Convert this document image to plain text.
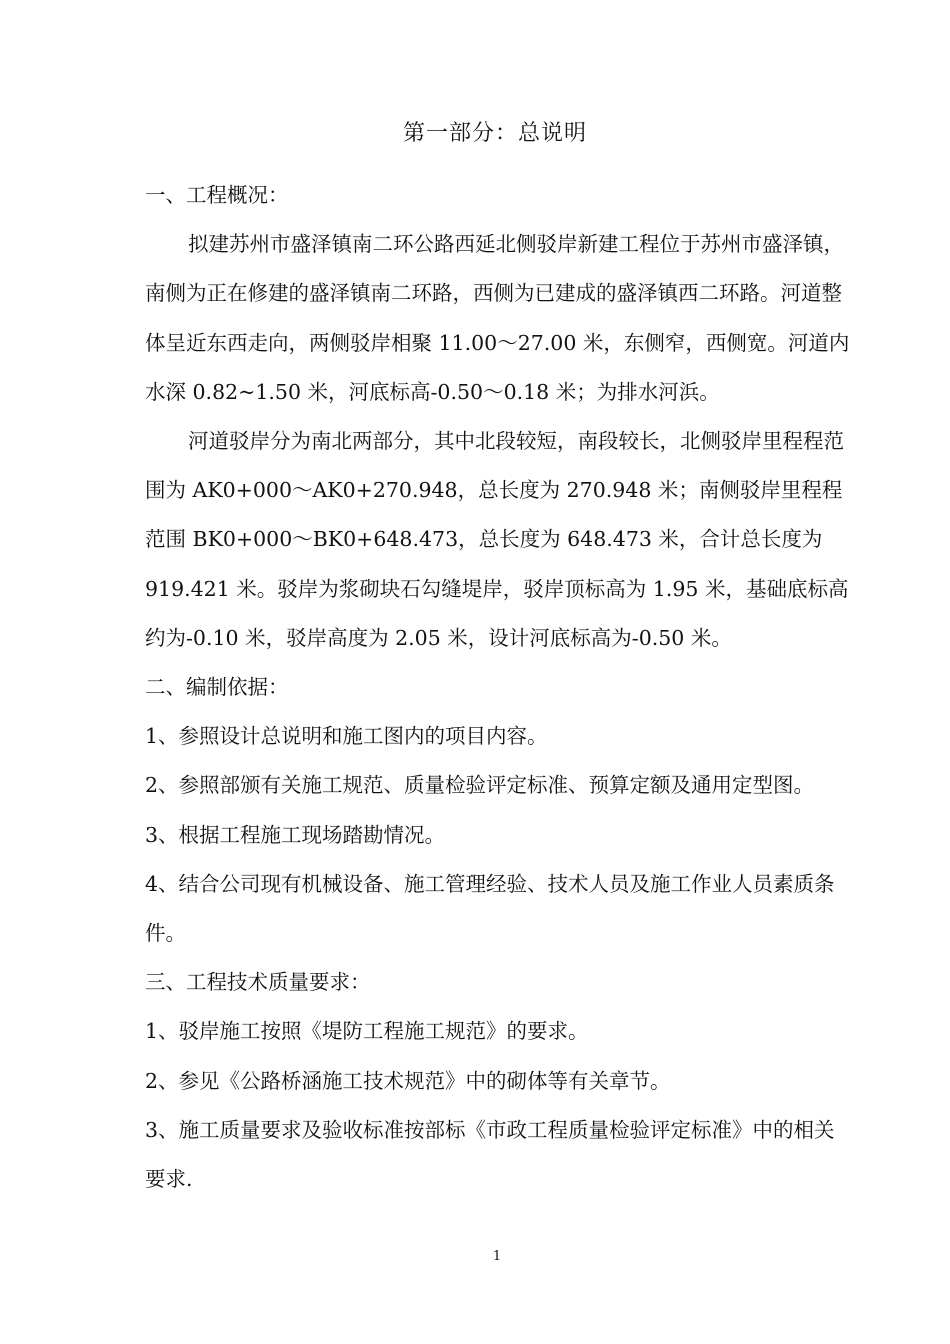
第一部分：总说明

一、工程概况：

拟建苏州市盛泽镇南二环公路西延北侧驳岸新建工程位于苏州市盛泽镇，南侧为正在修建的盛泽镇南二环路，西侧为已建成的盛泽镇西二环路。河道整体呈近东西走向，两侧驳岸相聚 11.00～27.00 米，东侧窄，西侧宽。河道内水深 0.82~1.50 米，河底标高-0.50～0.18 米；为排水河浜。

河道驳岸分为南北两部分，其中北段较短，南段较长，北侧驳岸里程程范围为 AK0+000～AK0+270.948，总长度为 270.948 米；南侧驳岸里程程范围 BK0+000～BK0+648.473，总长度为 648.473 米，合计总长度为 919.421 米。驳岸为浆砌块石勾缝堤岸，驳岸顶标高为 1.95 米，基础底标高约为-0.10 米，驳岸高度为 2.05 米，设计河底标高为-0.50 米。

二、编制依据：

1、参照设计总说明和施工图内的项目内容。

2、参照部颁有关施工规范、质量检验评定标准、预算定额及通用定型图。

3、根据工程施工现场踏勘情况。

4、结合公司现有机械设备、施工管理经验、技术人员及施工作业人员素质条件。

三、工程技术质量要求：

1、驳岸施工按照《堤防工程施工规范》的要求。

2、参见《公路桥涵施工技术规范》中的砌体等有关章节。

3、施工质量要求及验收标准按部标《市政工程质量检验评定标准》中的相关要求.

1
